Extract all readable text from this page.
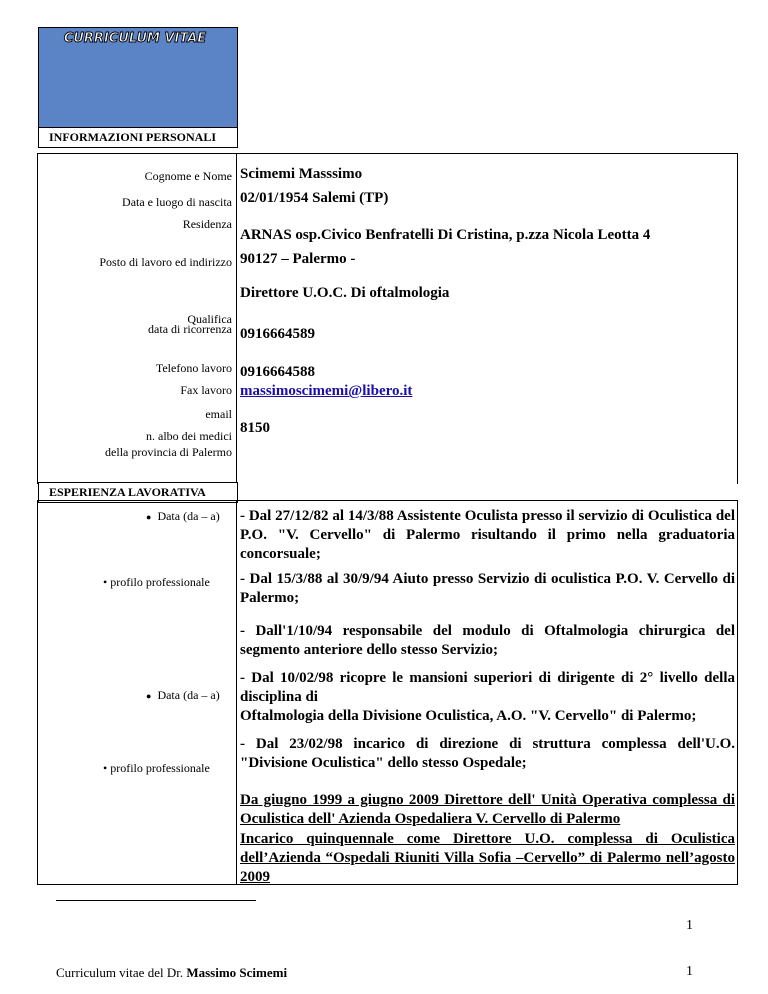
CURRICULUM VITAE
INFORMAZIONI PERSONALI
Cognome e Nome
Data e luogo di nascita
Residenza
Posto di lavoro ed indirizzo
Qualifica
data di ricorrenza
Telefono lavoro
Fax lavoro
email
n. albo dei medici
della provincia di Palermo
Scimemi Masssimo
02/01/1954 Salemi (TP)
ARNAS osp.Civico Benfratelli Di Cristina, p.zza Nicola Leotta 4
90127 – Palermo -
Direttore U.O.C. Di oftalmologia
0916664589
0916664588
massimoscimemi@libero.it
8150
ESPERIENZA LAVORATIVA
● Data (da – a)
• profilo professionale
● Data (da – a)
• profilo professionale
- Dal 27/12/82 al 14/3/88 Assistente Oculista presso il servizio di Oculistica del P.O. "V. Cervello" di Palermo risultando il primo nella graduatoria concorsuale;
- Dal 15/3/88 al 30/9/94 Aiuto presso Servizio di oculistica P.O. V. Cervello di Palermo;
- Dall'1/10/94 responsabile del modulo di Oftalmologia chirurgica del segmento anteriore dello stesso Servizio;
- Dal 10/02/98 ricopre le mansioni superiori di dirigente di 2° livello della disciplina di
Oftalmologia della Divisione Oculistica, A.O. "V. Cervello" di Palermo;
- Dal 23/02/98 incarico di direzione di struttura complessa dell'U.O. "Divisione Oculistica" dello stesso Ospedale;
Da giugno 1999 a giugno 2009 Direttore dell' Unità Operativa complessa di Oculistica dell' Azienda Ospedaliera V. Cervello di Palermo
Incarico quinquennale come Direttore U.O. complessa di Oculistica dell’Azienda “Ospedali Riuniti Villa Sofia –Cervello” di Palermo nell’agosto 2009
1
Curriculum vitae del Dr. Massimo Scimemi	1
